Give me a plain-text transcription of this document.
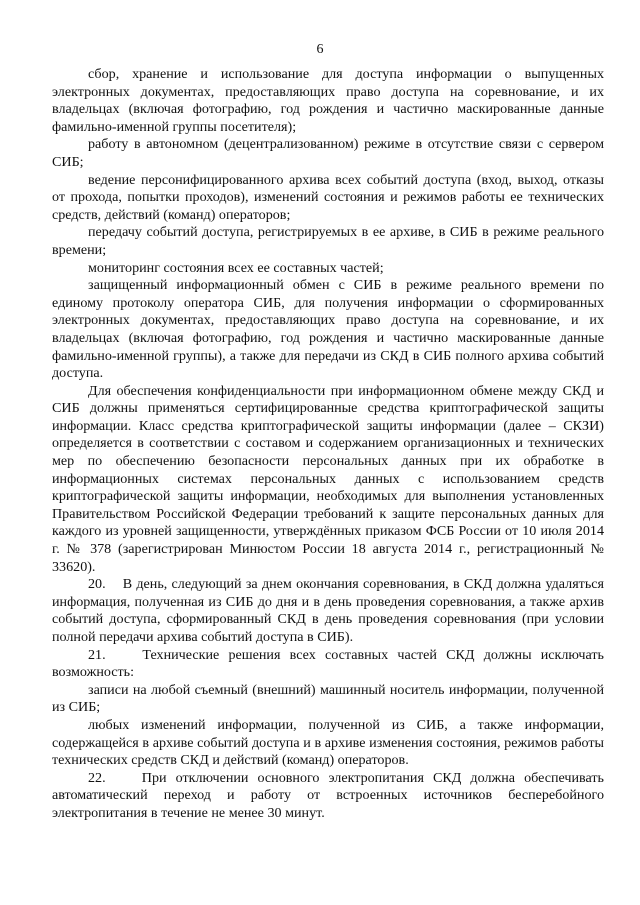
6

сбор, хранение и использование для доступа информации о выпущенных электронных документах, предоставляющих право доступа на соревнование, и их владельцах (включая фотографию, год рождения и частично маскированные данные фамильно-именной группы посетителя);

работу в автономном (децентрализованном) режиме в отсутствие связи с сервером СИБ;

ведение персонифицированного архива всех событий доступа (вход, выход, отказы от прохода, попытки проходов), изменений состояния и режимов работы ее технических средств, действий (команд) операторов;

передачу событий доступа, регистрируемых в ее архиве, в СИБ в режиме реального времени;

мониторинг состояния всех ее составных частей;

защищенный информационный обмен с СИБ в режиме реального времени по единому протоколу оператора СИБ, для получения информации о сформированных электронных документах, предоставляющих право доступа на соревнование, и их владельцах (включая фотографию, год рождения и частично маскированные данные фамильно-именной группы), а также для передачи из СКД в СИБ полного архива событий доступа.

Для обеспечения конфиденциальности при информационном обмене между СКД и СИБ должны применяться сертифицированные средства криптографической защиты информации. Класс средства криптографической защиты информации (далее – СКЗИ) определяется в соответствии с составом и содержанием организационных и технических мер по обеспечению безопасности персональных данных при их обработке в информационных системах персональных данных с использованием средств криптографической защиты информации, необходимых для выполнения установленных Правительством Российской Федерации требований к защите персональных данных для каждого из уровней защищенности, утверждённых приказом ФСБ России от 10 июля 2014 г. № 378 (зарегистрирован Минюстом России 18 августа 2014 г., регистрационный № 33620).

20.    В день, следующий за днем окончания соревнования, в СКД должна удаляться информация, полученная из СИБ до дня и в день проведения соревнования, а также архив событий доступа, сформированный СКД в день проведения соревнования (при условии полной передачи архива событий доступа в СИБ).

21.    Технические решения всех составных частей СКД должны исключать возможность:

записи на любой съемный (внешний) машинный носитель информации, полученной из СИБ;

любых изменений информации, полученной из СИБ, а также информации, содержащейся в архиве событий доступа и в архиве изменения состояния, режимов работы технических средств СКД и действий (команд) операторов.

22.    При отключении основного электропитания СКД должна обеспечивать автоматический переход и работу от встроенных источников бесперебойного электропитания в течение не менее 30 минут.
